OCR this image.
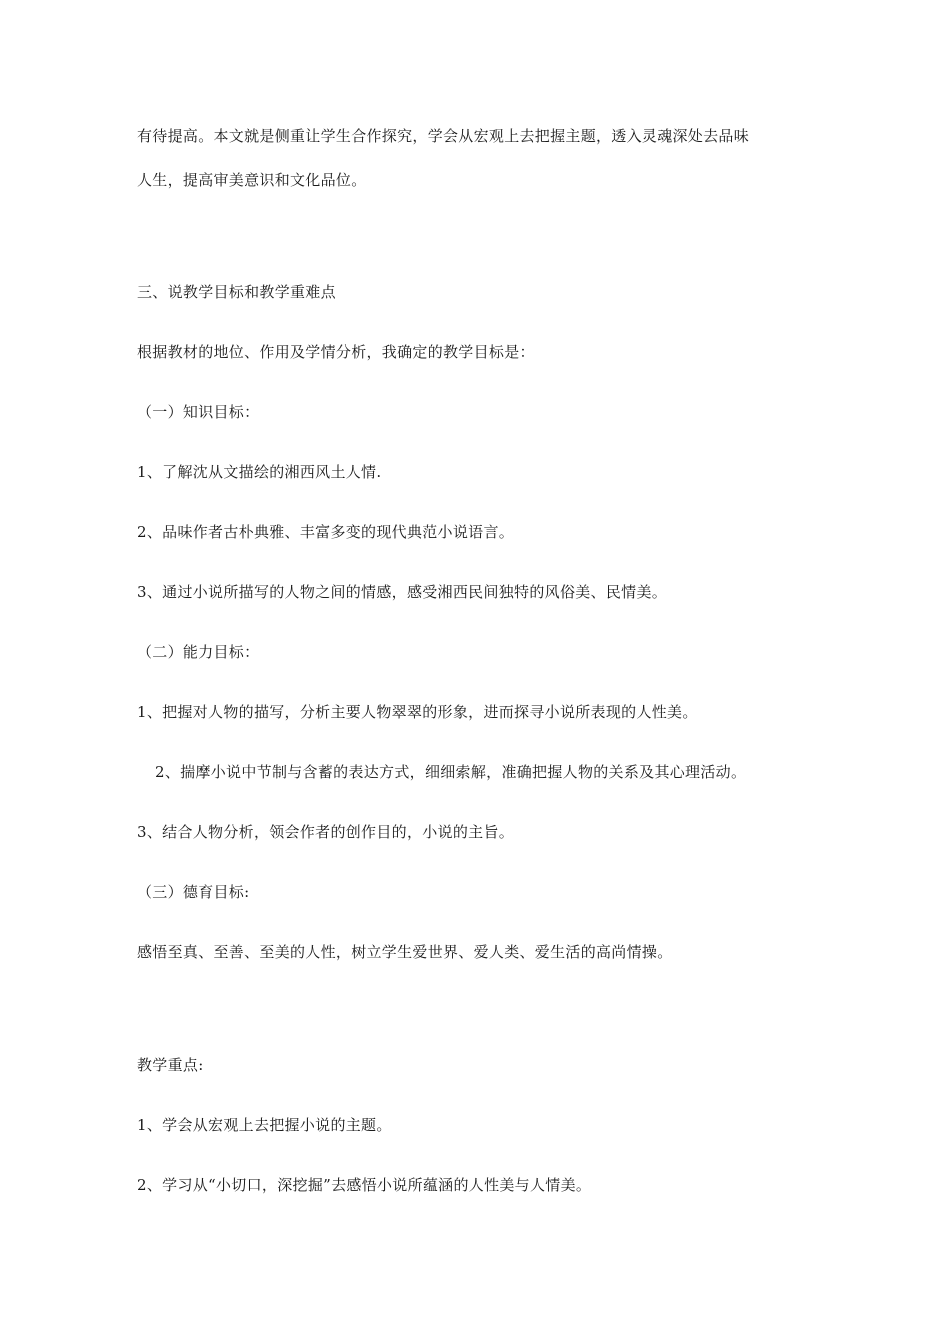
有待提高。本文就是侧重让学生合作探究，学会从宏观上去把握主题，透入灵魂深处去品味
人生，提高审美意识和文化品位。
三、说教学目标和教学重难点
根据教材的地位、作用及学情分析，我确定的教学目标是：
（一）知识目标：
1、了解沈从文描绘的湘西风土人情.
2、品味作者古朴典雅、丰富多变的现代典范小说语言。
3、通过小说所描写的人物之间的情感，感受湘西民间独特的风俗美、民情美。
（二）能力目标：
1、把握对人物的描写，分析主要人物翠翠的形象，进而探寻小说所表现的人性美。
2、揣摩小说中节制与含蓄的表达方式，细细索解，准确把握人物的关系及其心理活动。
3、结合人物分析，领会作者的创作目的，小说的主旨。
（三）德育目标:
感悟至真、至善、至美的人性，树立学生爱世界、爱人类、爱生活的高尚情操。
教学重点:
1、学会从宏观上去把握小说的主题。
2、学习从“小切口，深挖掘”去感悟小说所蕴涵的人性美与人情美。
